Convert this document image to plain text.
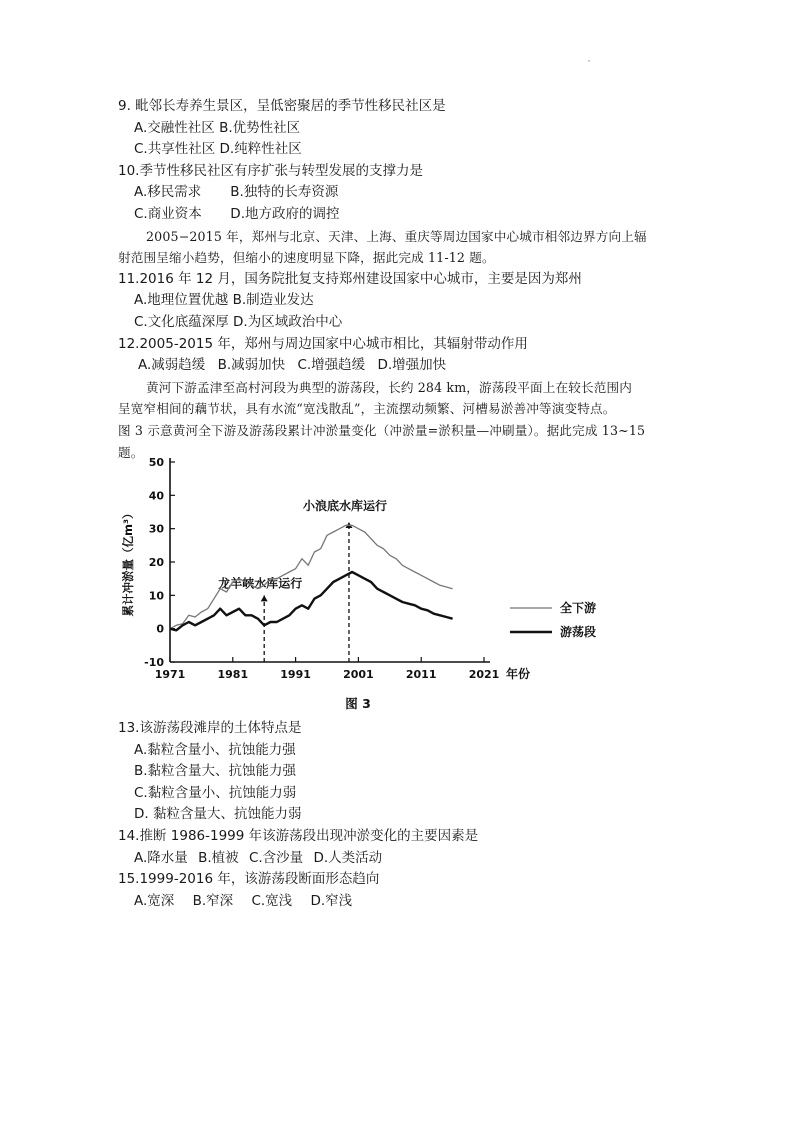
9. 毗邻长寿养生景区，呈低密聚居的季节性移民社区是
A.交融性社区 B.优势性社区
C.共享性社区 D.纯粹性社区
10.季节性移民社区有序扩张与转型发展的支撑力是
A.移民需求 B.独特的长寿资源
C.商业资本 D.地方政府的调控
2005−2015 年，郑州与北京、天津、上海、重庆等周边国家中心城市相邻边界方向上辐
射范围呈缩小趋势，但缩小的速度明显下降，据此完成 11-12 题。
11.2016 年 12 月，国务院批复支持郑州建设国家中心城市，主要是因为郑州
A.地理位置优越 B.制造业发达
C.文化底蕴深厚 D.为区域政治中心
12.2005-2015 年，郑州与周边国家中心城市相比，其辐射带动作用
A.减弱趋缓 B.减弱加快 C.增强趋缓 D.增强加快
黄河下游孟津至高村河段为典型的游荡段，长约 284 km，游荡段平面上在较长范围内
呈宽窄相间的藕节状，具有水流“宽浅散乱”，主流摆动频繁、河槽易淤善冲等演变特点。
图 3 示意黄河全下游及游荡段累计冲淤量变化（冲淤量=淤积量—冲刷量）。据此完成 13~15
题。
-10
0
10
20
30
40
50
1971	1981	1991	2001	2011	2021 年份
累计冲淤量（亿m³）	龙羊峡水库运行
小浪底水库运行
全下游
游荡段
图 3
13.该游荡段滩岸的土体特点是
A.黏粒含量小、抗蚀能力强
B.黏粒含量大、抗蚀能力强
C.黏粒含量小、抗蚀能力弱
D. 黏粒含量大、抗蚀能力弱
14.推断 1986-1999 年该游荡段出现冲淤变化的主要因素是
A.降水量 B.植被 C.含沙量 D.人类活动
15.1999-2016 年，该游荡段断面形态趋向
A.宽深 B.窄深 C.宽浅 D.窄浅
